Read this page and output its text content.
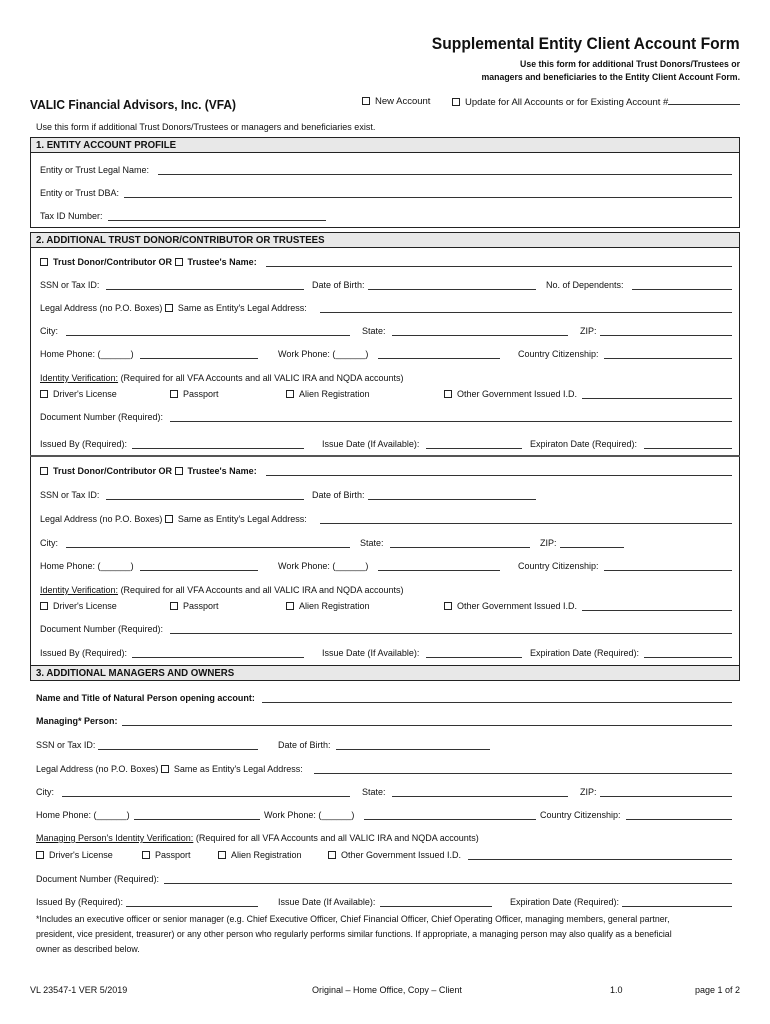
Supplemental Entity Client Account Form
Use this form for additional Trust Donors/Trustees or
managers and beneficiaries to the Entity Client Account Form.
VALIC Financial Advisors, Inc. (VFA)	New Account	Update for All Accounts or for Existing Account #
Use this form if additional Trust Donors/Trustees or managers and beneficiaries exist.
1. ENTITY ACCOUNT PROFILE
Entity or Trust Legal Name:
Entity or Trust DBA:
Tax ID Number:
2. ADDITIONAL TRUST DONOR/CONTRIBUTOR OR TRUSTEES
Trust Donor/Contributor OR Trustee's Name:
SSN or Tax ID:	Date of Birth:	No. of Dependents:
Legal Address (no P.O. Boxes) Same as Entity's Legal Address:
City:	State:	ZIP:
Home Phone: (______)	Work Phone: (______)	Country Citizenship:
Identity Verification: (Required for all VFA Accounts and all VALIC IRA and NQDA accounts)
Driver's License	Passport	Alien Registration	Other Government Issued I.D.
Document Number (Required):
Issued By (Required):	Issue Date (If Available):	Expiraton Date (Required):
Trust Donor/Contributor OR Trustee's Name:
SSN or Tax ID:	Date of Birth:
Legal Address (no P.O. Boxes) Same as Entity's Legal Address:
City:	State:	ZIP:
Home Phone: (______)	Work Phone: (______)	Country Citizenship:
Identity Verification: (Required for all VFA Accounts and all VALIC IRA and NQDA accounts)
Driver's License	Passport	Alien Registration	Other Government Issued I.D.
Document Number (Required):
Issued By (Required):	Issue Date (If Available):	Expiration Date (Required):
3. ADDITIONAL MANAGERS AND OWNERS
Name and Title of Natural Person opening account:
Managing* Person:
SSN or Tax ID:	Date of Birth:
Legal Address (no P.O. Boxes) Same as Entity's Legal Address:
City:	State:	ZIP:
Home Phone: (______)	Work Phone: (______)	Country Citizenship:
Managing Person's Identity Verification: (Required for all VFA Accounts and all VALIC IRA and NQDA accounts)
Driver's License	Passport	Alien Registration	Other Government Issued I.D.
Document Number (Required):
Issued By (Required):	Issue Date (If Available):	Expiration Date (Required):
*Includes an executive officer or senior manager (e.g. Chief Executive Officer, Chief Financial Officer, Chief Operating Officer, managing members, general partner,
president, vice president, treasurer) or any other person who regularly performs similar functions. If appropriate, a managing person may also qualify as a beneficial
owner as described below.
VL 23547-1 VER 5/2019	Original – Home Office, Copy – Client	1.0	page 1 of 2
